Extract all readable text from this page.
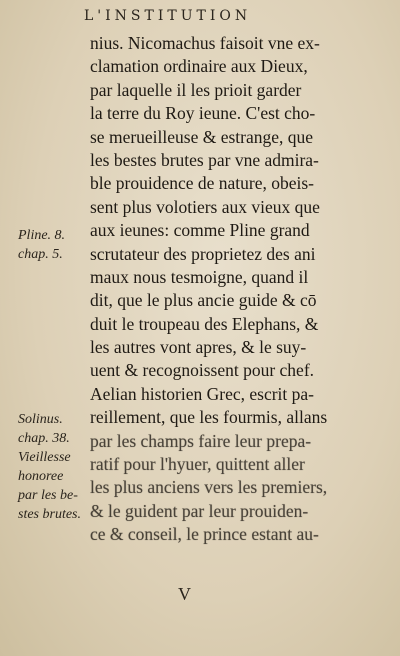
L'INSTITUTION
Pline. 8.
chap. 5.
Solinus.
chap. 38.
Vieillesse
honoree
par les be-
stes brutes.
nius. Nicomachus faisoit vne ex-
clamation ordinaire aux Dieux,
par laquelle il les prioit garder
la terre du Roy ieune. C'est cho-
se merueilleuse & estrange, que
les bestes brutes par vne admira-
ble prouidence de nature, obeis-
sent plus volotiers aux vieux que
aux ieunes: comme Pline grand
scrutateur des proprietez des ani
maux nous tesmoigne, quand il
dit, que le plus ancie guide & cō
duit le troupeau des Elephans, &
les autres vont apres, & le suy-
uent & recognoissent pour chef.
Aelian historien Grec, escrit pa-
reillement, que les fourmis, allans
par les champs faire leur prepa-
ratif pour l'hyuer, quittent aller
les plus anciens vers les premiers,
& le guident par leur prouiden-
ce & conseil, le prince estant au-
V
